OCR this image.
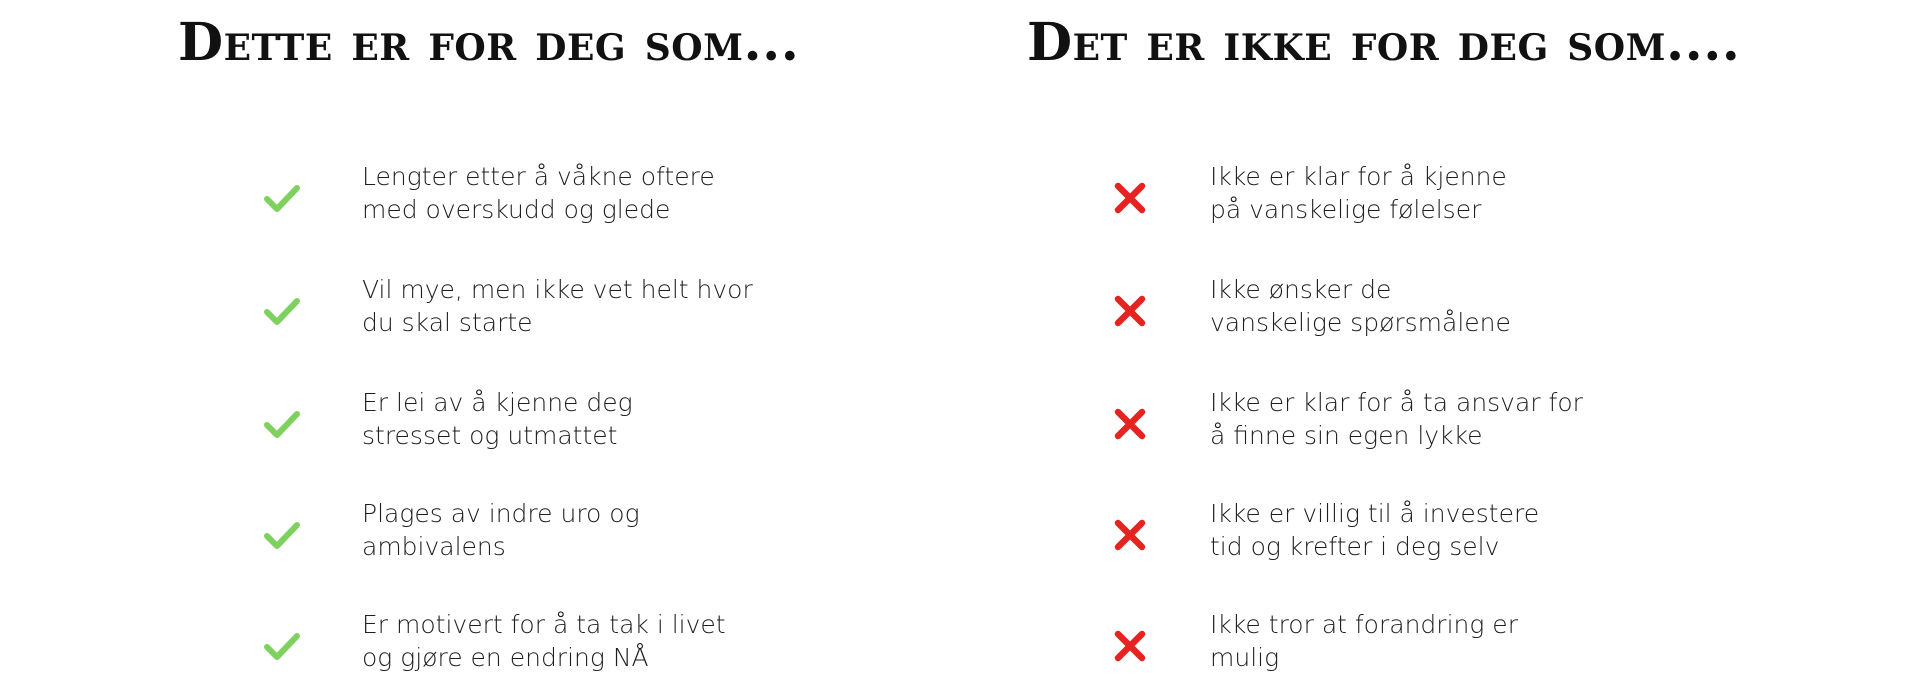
Dette er for deg som...
Lengter etter å våkne oftere
med overskudd og glede
Vil mye, men ikke vet helt hvor
du skal starte
Er lei av å kjenne deg
stresset og utmattet
Plages av indre uro og
ambivalens
Er motivert for å ta tak i livet
og gjøre en endring NÅ
Det er ikke for deg som....
Ikke er klar for å kjenne
på vanskelige følelser
Ikke ønsker de
vanskelige spørsmålene
Ikke er klar for å ta ansvar for
å finne sin egen lykke
Ikke er villig til å investere
tid og krefter i deg selv
Ikke tror at forandring er
mulig
